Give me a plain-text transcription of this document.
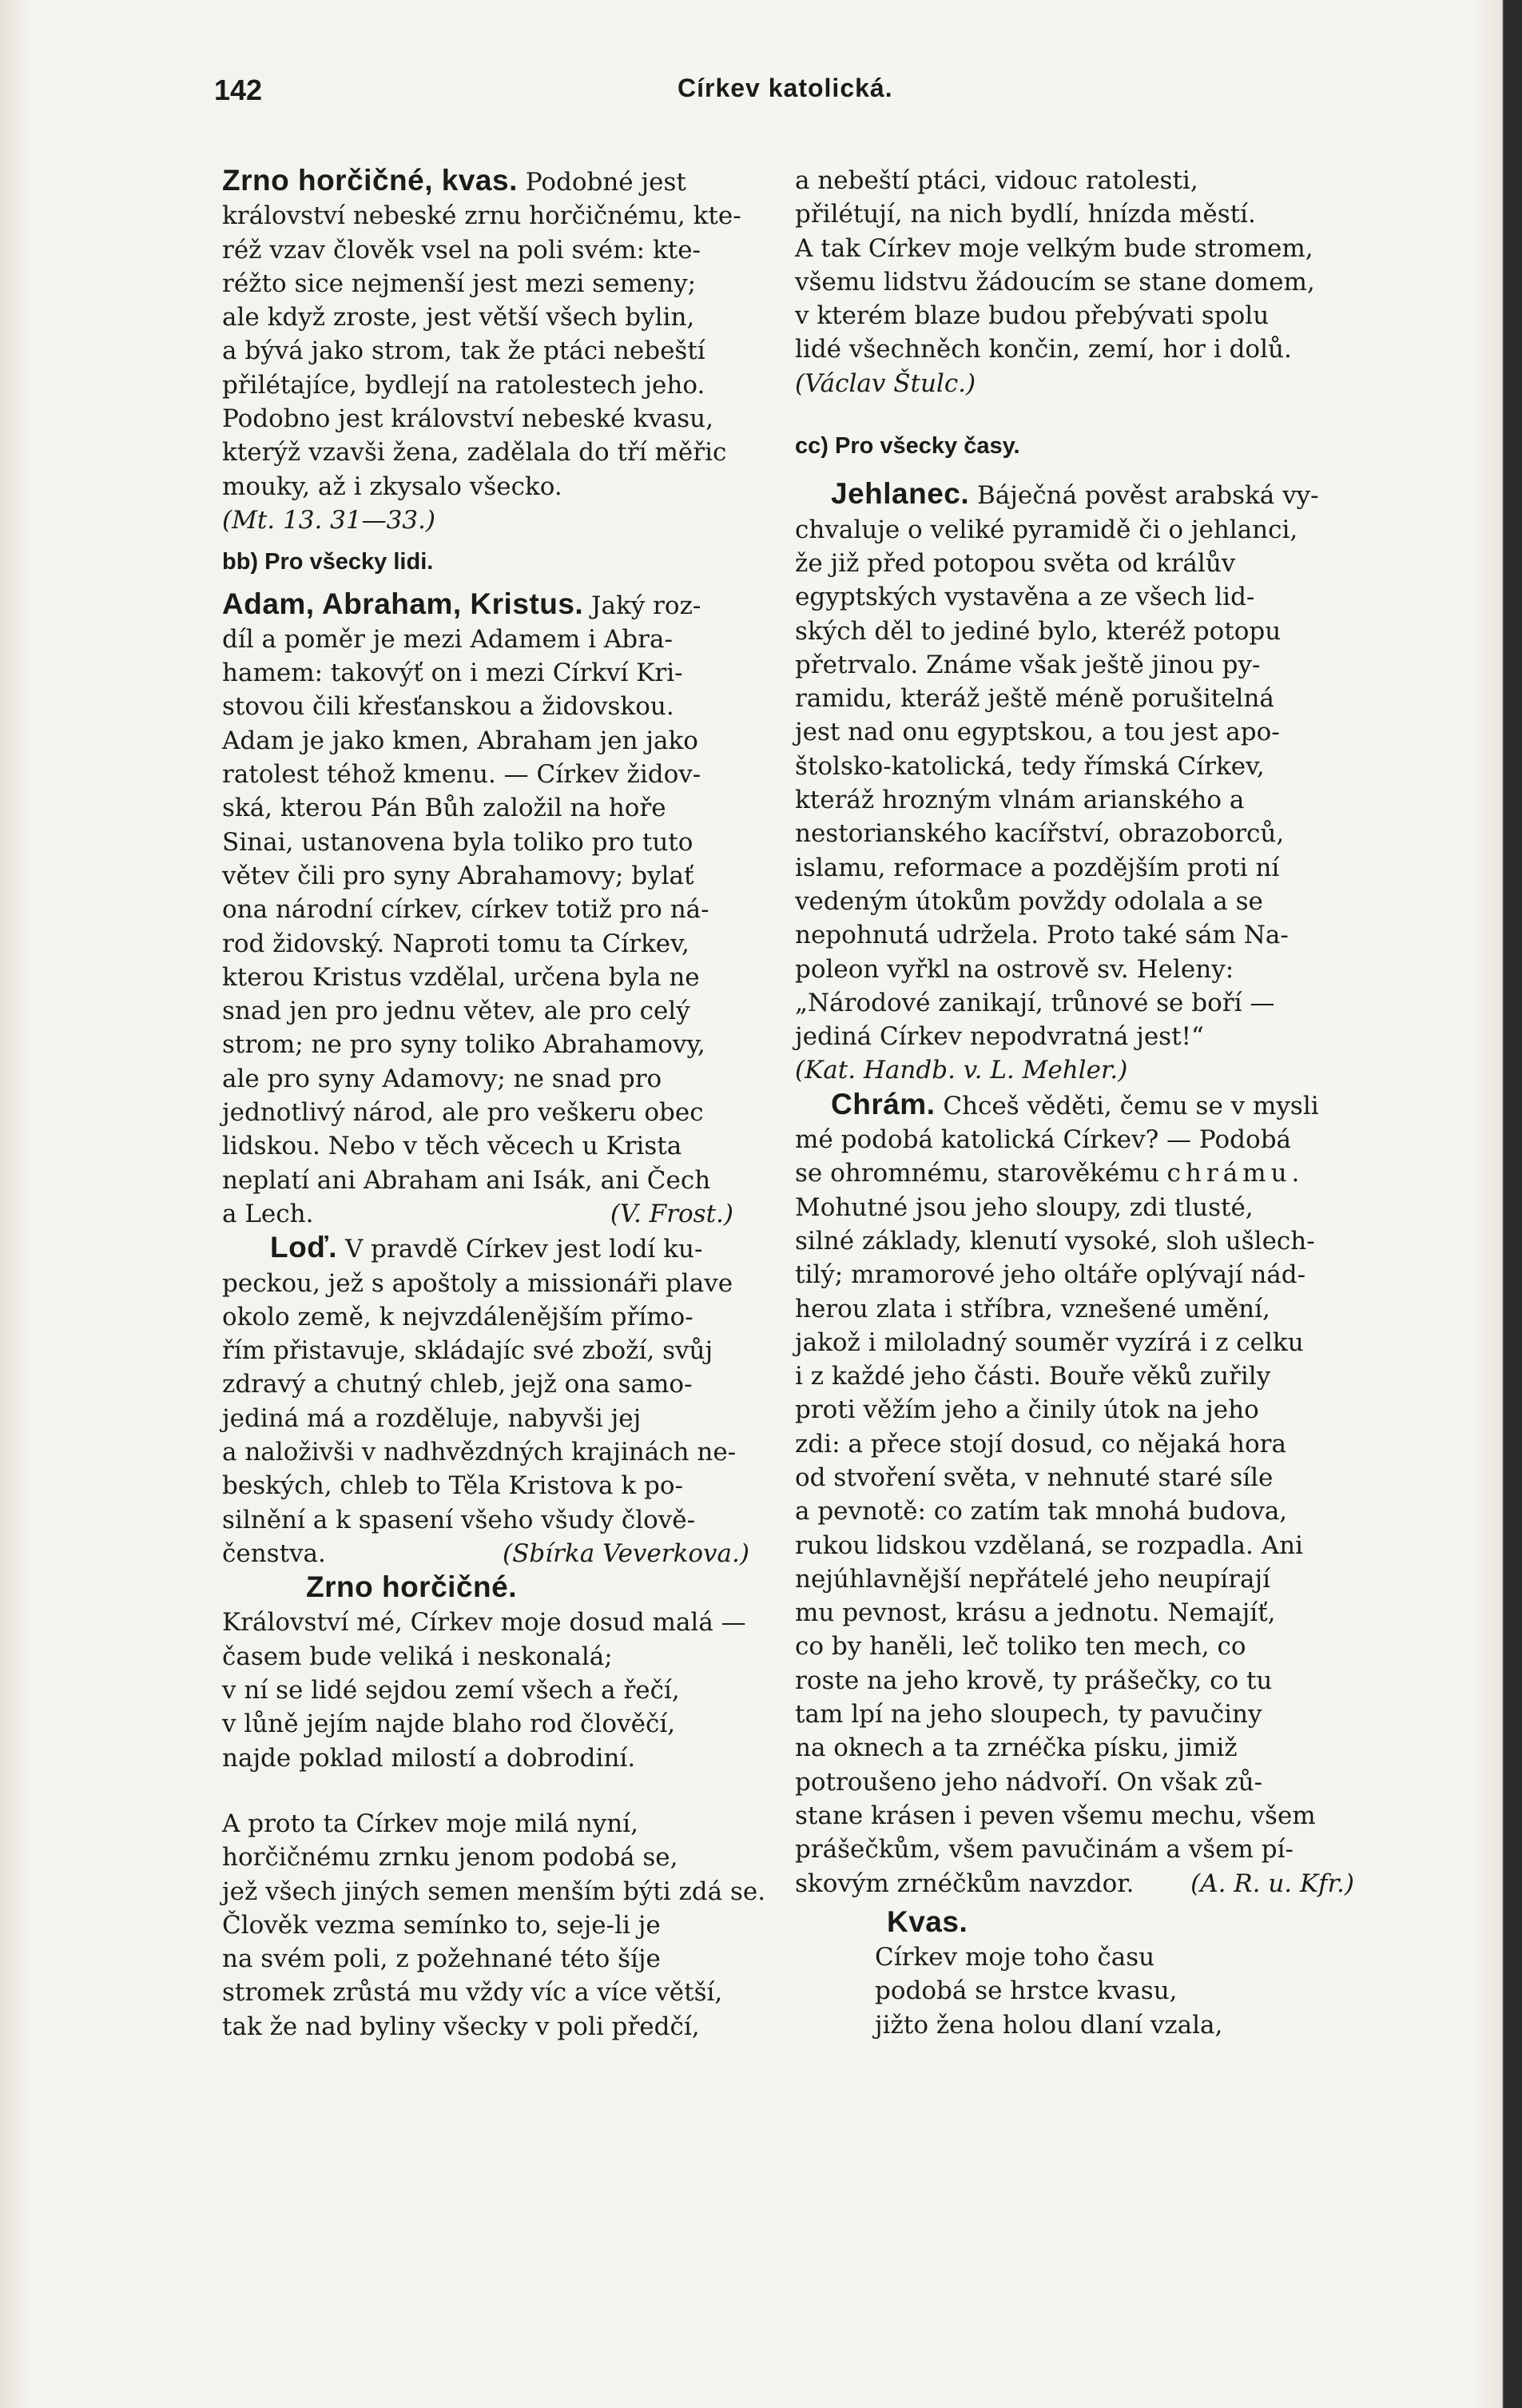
142	Církev katolická.

Zrno horčičné, kvas. Podobné jest
království nebeské zrnu horčičnému, kte-
réž vzav člověk vsel na poli svém: kte-
réžto sice nejmenší jest mezi semeny;
ale když zroste, jest větší všech bylin,
a bývá jako strom, tak že ptáci nebeští
přilétajíce, bydlejí na ratolestech jeho.
Podobno jest království nebeské kvasu,
kterýž vzavši žena, zadělala do tří měřic
mouky, až i zkysalo všecko.

(Mt. 13. 31—33.)

bb) Pro všecky lidi.

Adam, Abraham, Kristus. Jaký roz-
díl a poměr je mezi Adamem i Abra-
hamem: takovýť on i mezi Církví Kri-
stovou čili křesťanskou a židovskou.
Adam je jako kmen, Abraham jen jako
ratolest téhož kmenu. — Církev židov-
ská, kterou Pán Bůh založil na hoře
Sinai, ustanovena byla toliko pro tuto
větev čili pro syny Abrahamovy; bylať
ona národní církev, církev totiž pro ná-
rod židovský. Naproti tomu ta Církev,
kterou Kristus vzdělal, určena byla ne
snad jen pro jednu větev, ale pro celý
strom; ne pro syny toliko Abrahamovy,
ale pro syny Adamovy; ne snad pro
jednotlivý národ, ale pro veškeru obec
lidskou. Nebo v těch věcech u Krista
neplatí ani Abraham ani Isák, ani Čech
a Lech.	(V. Frost.)

Loď. V pravdě Církev jest lodí ku-
peckou, jež s apoštoly a missionáři plave
okolo země, k nejvzdálenějším přímo-
řím přistavuje, skládajíc své zboží, svůj
zdravý a chutný chleb, jejž ona samo-
jediná má a rozděluje, nabyvši jej
a naloživši v nadhvězdných krajinách ne-
beských, chleb to Těla Kristova k po-
silnění a k spasení všeho všudy člově-
čenstva.	(Sbírka Veverkova.)

Zrno horčičné.

Království mé, Církev moje dosud malá —
časem bude veliká i neskonalá;
v ní se lidé sejdou zemí všech a řečí,
v lůně jejím najde blaho rod člověčí,
najde poklad milostí a dobrodiní.
A proto ta Církev moje milá nyní,
horčičnému zrnku jenom podobá se,
jež všech jiných semen menším býti zdá se.
Člověk vezma semínko to, seje-li je
na svém poli, z požehnané této šíje
stromek zrůstá mu vždy víc a více větší,
tak že nad byliny všecky v poli předčí,
a nebeští ptáci, vidouc ratolesti,
přilétují, na nich bydlí, hnízda městí.
A tak Církev moje velkým bude stromem,
všemu lidstvu žádoucím se stane domem,
v kterém blaze budou přebývati spolu
lidé všechněch končin, zemí, hor i dolů.

(Václav Štulc.)

cc) Pro všecky časy.

Jehlanec. Báječná pověst arabská vy-
chvaluje o veliké pyramidě či o jehlanci,
že již před potopou světa od králův
egyptských vystavěna a ze všech lid-
ských děl to jediné bylo, kteréž potopu
přetrvalo. Známe však ještě jinou py-
ramidu, kteráž ještě méně porušitelná
jest nad onu egyptskou, a tou jest apo-
štolsko-katolická, tedy římská Církev,
kteráž hrozným vlnám arianského a
nestorianského kacířství, obrazoborců,
islamu, reformace a pozdějším proti ní
vedeným útokům povždy odolala a se
nepohnutá udržela. Proto také sám Na-
poleon vyřkl na ostrově sv. Heleny:
„Národové zanikají, trůnové se boří —
jediná Církev nepodvratná jest!“

(Kat. Handb. v. L. Mehler.)

Chrám. Chceš věděti, čemu se v mysli
mé podobá katolická Církev? — Podobá
se ohromnému, starověkému chrámu.
Mohutné jsou jeho sloupy, zdi tlusté,
silné základy, klenutí vysoké, sloh ušlech-
tilý; mramorové jeho oltáře oplývají nád-
herou zlata i stříbra, vznešené umění,
jakož i miloladný souměr vyzírá i z celku
i z každé jeho části. Bouře věků zuřily
proti věžím jeho a činily útok na jeho
zdi: a přece stojí dosud, co nějaká hora
od stvoření světa, v nehnuté staré síle
a pevnotě: co zatím tak mnohá budova,
rukou lidskou vzdělaná, se rozpadla. Ani
nejúhlavnější nepřátelé jeho neupírají
mu pevnost, krásu a jednotu. Nemajíť,
co by haněli, leč toliko ten mech, co
roste na jeho krově, ty prášečky, co tu
tam lpí na jeho sloupech, ty pavučiny
na oknech a ta zrnéčka písku, jimiž
potroušeno jeho nádvoří. On však zů-
stane krásen i peven všemu mechu, všem
prášečkům, všem pavučinám a všem pí-
skovým zrnéčkům navzdor. (A. R. u. Kfr.)

Kvas.

Církev moje toho času
podobá se hrstce kvasu,
jižto žena holou dlaní vzala,
